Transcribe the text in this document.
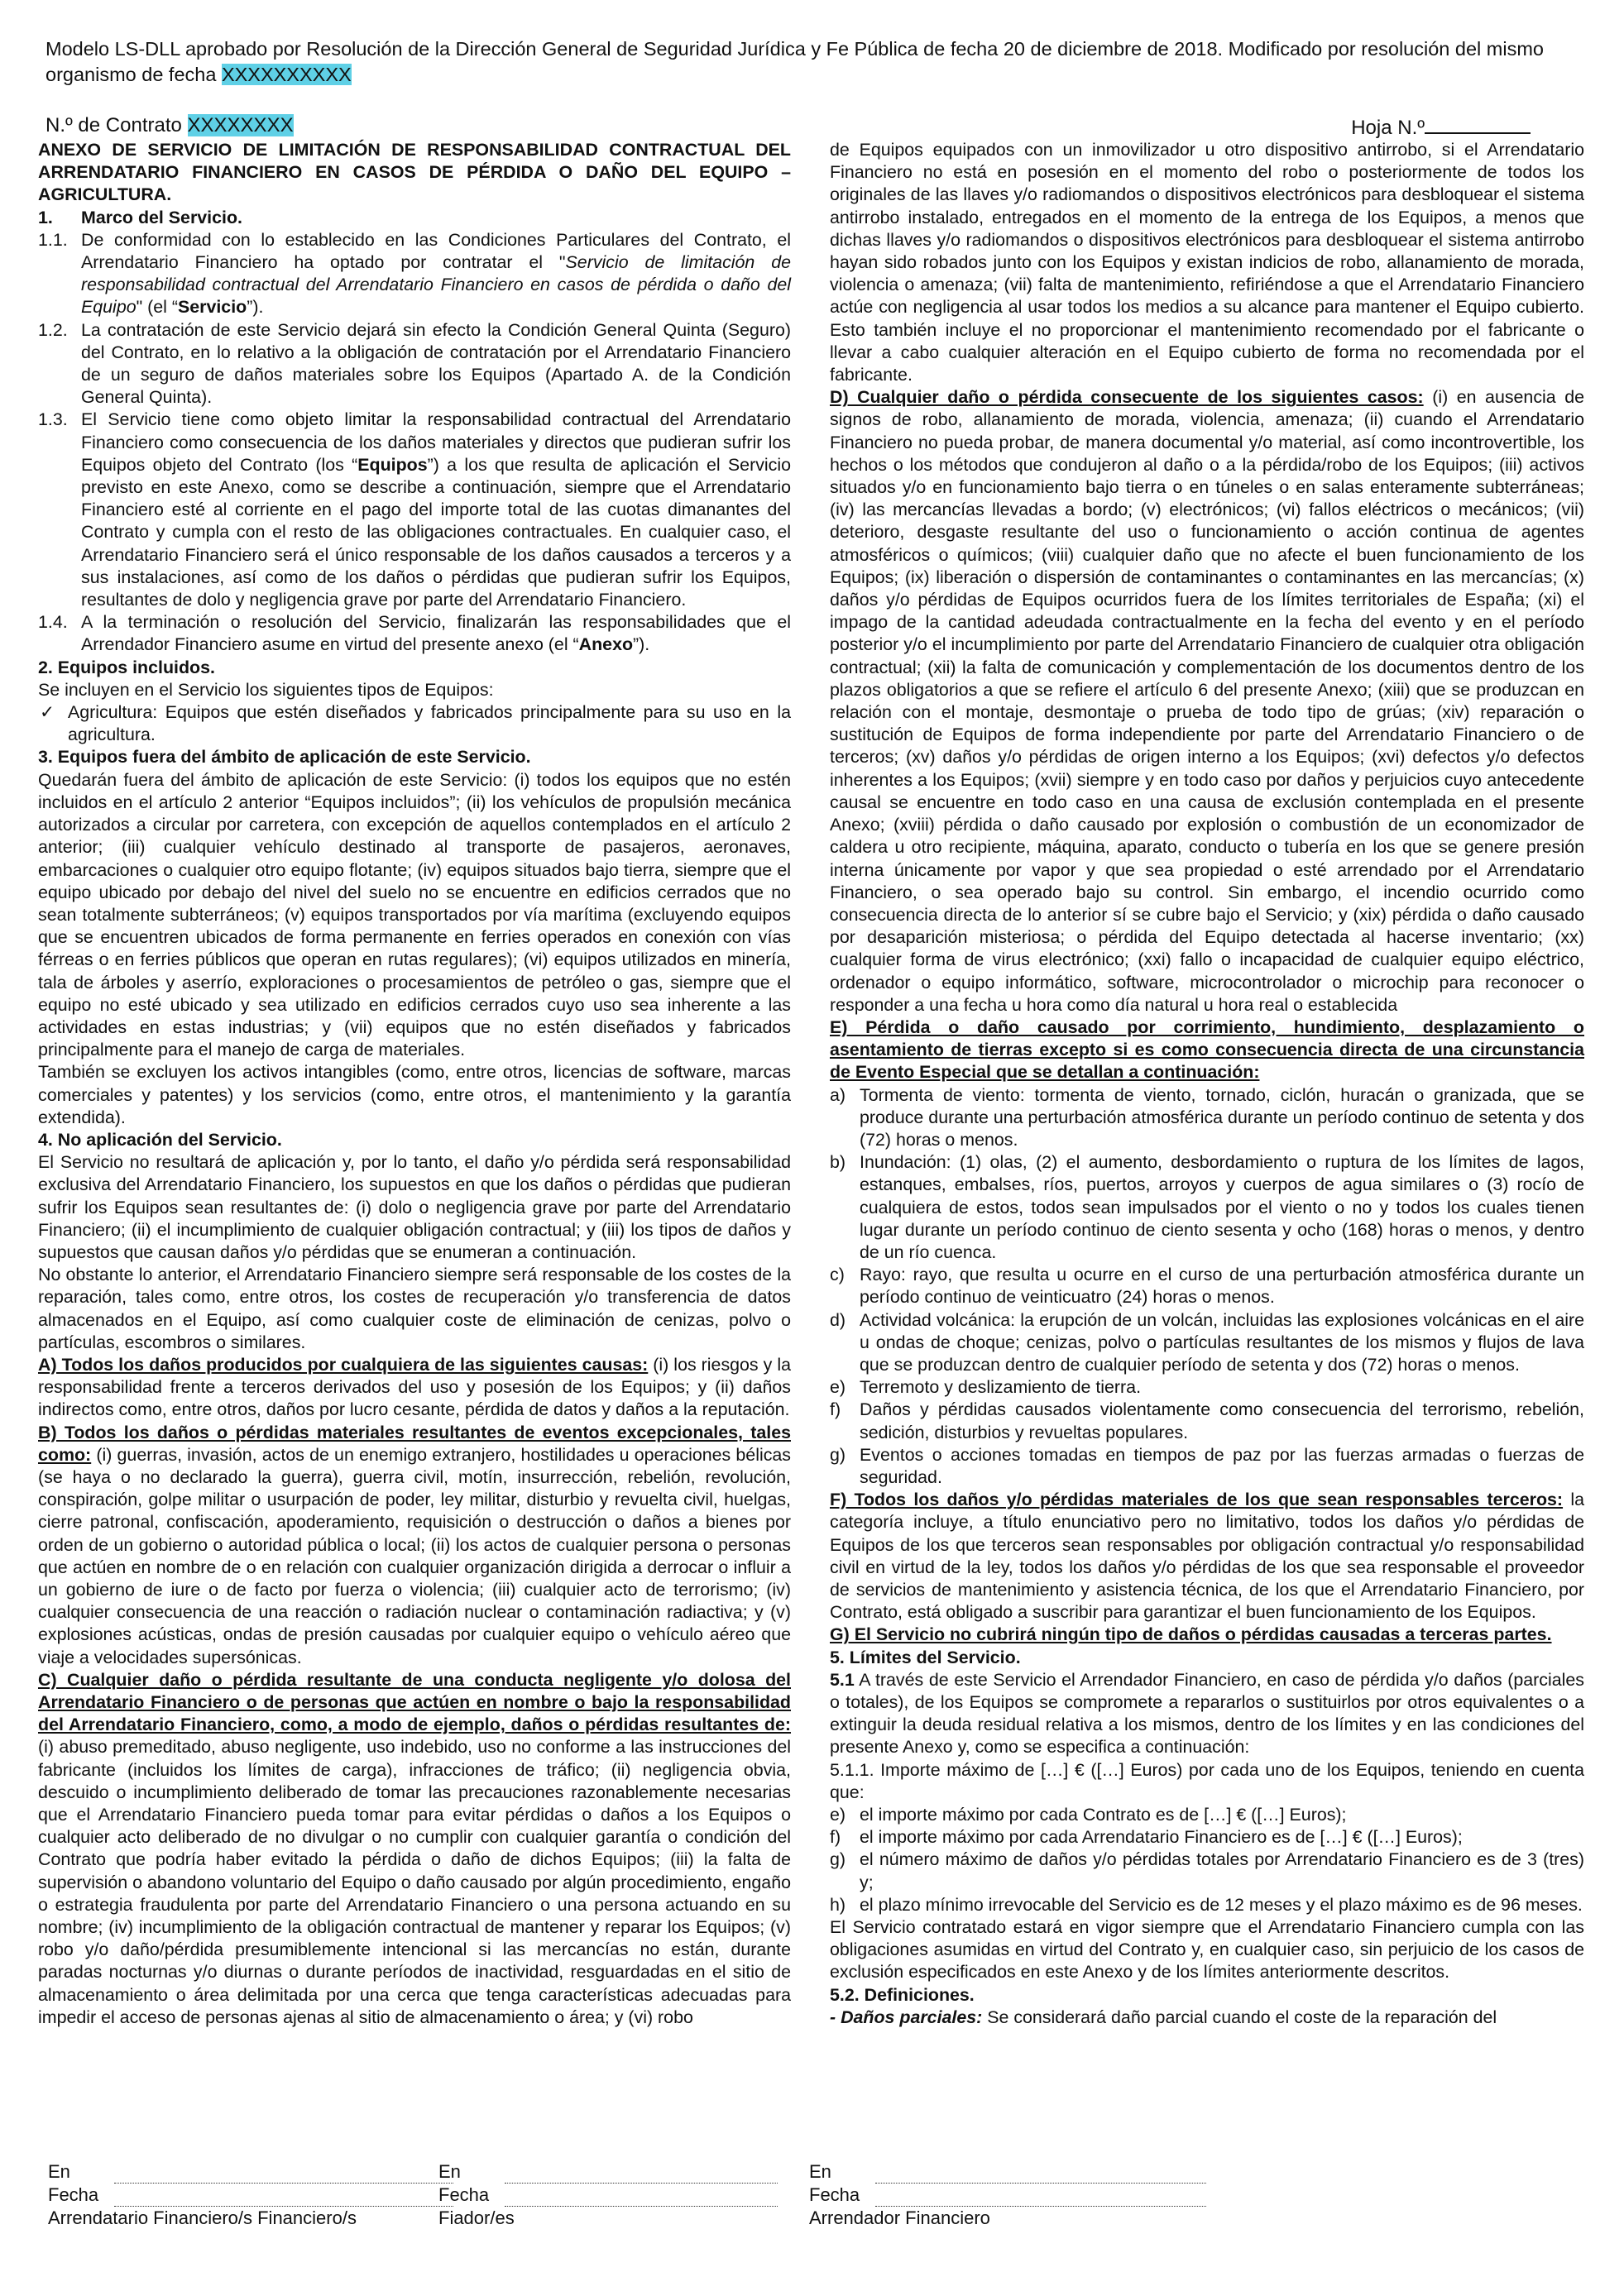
Modelo LS-DLL aprobado por Resolución de la Dirección General de Seguridad Jurídica y Fe Pública de fecha 20 de diciembre de 2018. Modificado por resolución del mismo organismo de fecha XXXXXXXXXX
N.º de Contrato XXXXXXXX	Hoja N.º

ANEXO DE SERVICIO DE LIMITACIÓN DE RESPONSABILIDAD CONTRACTUAL DEL ARRENDATARIO FINANCIERO EN CASOS DE PÉRDIDA O DAÑO DEL EQUIPO – AGRICULTURA.

1.	Marco del Servicio.
1.1. De conformidad con lo establecido en las Condiciones Particulares del Contrato, el Arrendatario Financiero ha optado por contratar el "Servicio de limitación de responsabilidad contractual del Arrendatario Financiero en casos de pérdida o daño del Equipo" (el “Servicio”).
1.2. La contratación de este Servicio dejará sin efecto la Condición General Quinta (Seguro) del Contrato, en lo relativo a la obligación de contratación por el Arrendatario Financiero de un seguro de daños materiales sobre los Equipos (Apartado A. de la Condición General Quinta).
1.3. El Servicio tiene como objeto limitar la responsabilidad contractual del Arrendatario Financiero como consecuencia de los daños materiales y directos que pudieran sufrir los Equipos objeto del Contrato (los “Equipos”) a los que resulta de aplicación el Servicio previsto en este Anexo, como se describe a continuación, siempre que el Arrendatario Financiero esté al corriente en el pago del importe total de las cuotas dimanantes del Contrato y cumpla con el resto de las obligaciones contractuales. En cualquier caso, el Arrendatario Financiero será el único responsable de los daños causados a terceros y a sus instalaciones, así como de los daños o pérdidas que pudieran sufrir los Equipos, resultantes de dolo y negligencia grave por parte del Arrendatario Financiero.
1.4. A la terminación o resolución del Servicio, finalizarán las responsabilidades que el Arrendador Financiero asume en virtud del presente anexo (el “Anexo”).

2. Equipos incluidos.

Se incluyen en el Servicio los siguientes tipos de Equipos:

✓ Agricultura: Equipos que estén diseñados y fabricados principalmente para su uso en la agricultura.

3. Equipos fuera del ámbito de aplicación de este Servicio.

Quedarán fuera del ámbito de aplicación de este Servicio: (i) todos los equipos que no estén incluidos en el artículo 2 anterior “Equipos incluidos”; (ii) los vehículos de propulsión mecánica autorizados a circular por carretera, con excepción de aquellos contemplados en el artículo 2 anterior; (iii) cualquier vehículo destinado al transporte de pasajeros, aeronaves, embarcaciones o cualquier otro equipo flotante; (iv) equipos situados bajo tierra, siempre que el equipo ubicado por debajo del nivel del suelo no se encuentre en edificios cerrados que no sean totalmente subterráneos; (v) equipos transportados por vía marítima (excluyendo equipos que se encuentren ubicados de forma permanente en ferries operados en conexión con vías férreas o en ferries públicos que operan en rutas regulares); (vi) equipos utilizados en minería, tala de árboles y aserrío, exploraciones o procesamientos de petróleo o gas, siempre que el equipo no esté ubicado y sea utilizado en edificios cerrados cuyo uso sea inherente a las actividades en estas industrias; y (vii) equipos que no estén diseñados y fabricados principalmente para el manejo de carga de materiales.

También se excluyen los activos intangibles (como, entre otros, licencias de software, marcas comerciales y patentes) y los servicios (como, entre otros, el mantenimiento y la garantía extendida).

4. No aplicación del Servicio.

El Servicio no resultará de aplicación y, por lo tanto, el daño y/o pérdida será responsabilidad exclusiva del Arrendatario Financiero, los supuestos en que los daños o pérdidas que pudieran sufrir los Equipos sean resultantes de: (i) dolo o negligencia grave por parte del Arrendatario Financiero; (ii) el incumplimiento de cualquier obligación contractual; y (iii) los tipos de daños y supuestos que causan daños y/o pérdidas que se enumeran a continuación.

No obstante lo anterior, el Arrendatario Financiero siempre será responsable de los costes de la reparación, tales como, entre otros, los costes de recuperación y/o transferencia de datos almacenados en el Equipo, así como cualquier coste de eliminación de cenizas, polvo o partículas, escombros o similares.

A) Todos los daños producidos por cualquiera de las siguientes causas: (i) los riesgos y la responsabilidad frente a terceros derivados del uso y posesión de los Equipos; y (ii) daños indirectos como, entre otros, daños por lucro cesante, pérdida de datos y daños a la reputación.

B) Todos los daños o pérdidas materiales resultantes de eventos excepcionales, tales como: (i) guerras, invasión, actos de un enemigo extranjero, hostilidades u operaciones bélicas (se haya o no declarado la guerra), guerra civil, motín, insurrección, rebelión, revolución, conspiración, golpe militar o usurpación de poder, ley militar, disturbio y revuelta civil, huelgas, cierre patronal, confiscación, apoderamiento, requisición o destrucción o daños a bienes por orden de un gobierno o autoridad pública o local; (ii) los actos de cualquier persona o personas que actúen en nombre de o en relación con cualquier organización dirigida a derrocar o influir a un gobierno de iure o de facto por fuerza o violencia; (iii) cualquier acto de terrorismo; (iv) cualquier consecuencia de una reacción o radiación nuclear o contaminación radiactiva; y (v) explosiones acústicas, ondas de presión causadas por cualquier equipo o vehículo aéreo que viaje a velocidades supersónicas.

C) Cualquier daño o pérdida resultante de una conducta negligente y/o dolosa del Arrendatario Financiero o de personas que actúen en nombre o bajo la responsabilidad del Arrendatario Financiero, como, a modo de ejemplo, daños o pérdidas resultantes de: (i) abuso premeditado, abuso negligente, uso indebido, uso no conforme a las instrucciones del fabricante (incluidos los límites de carga), infracciones de tráfico; (ii) negligencia obvia, descuido o incumplimiento deliberado de tomar las precauciones razonablemente necesarias que el Arrendatario Financiero pueda tomar para evitar pérdidas o daños a los Equipos o cualquier acto deliberado de no divulgar o no cumplir con cualquier garantía o condición del Contrato que podría haber evitado la pérdida o daño de dichos Equipos; (iii) la falta de supervisión o abandono voluntario del Equipo o daño causado por algún procedimiento, engaño o estrategia fraudulenta por parte del Arrendatario Financiero o una persona actuando en su nombre; (iv) incumplimiento de la obligación contractual de mantener y reparar los Equipos; (v) robo y/o daño/pérdida presumiblemente intencional si las mercancías no están, durante paradas nocturnas y/o diurnas o durante períodos de inactividad, resguardadas en el sitio de almacenamiento o área delimitada por una cerca que tenga características adecuadas para impedir el acceso de personas ajenas al sitio de almacenamiento o área; y (vi) robo

de Equipos equipados con un inmovilizador u otro dispositivo antirrobo, si el Arrendatario Financiero no está en posesión en el momento del robo o posteriormente de todos los originales de las llaves y/o radiomandos o dispositivos electrónicos para desbloquear el sistema antirrobo instalado, entregados en el momento de la entrega de los Equipos, a menos que dichas llaves y/o radiomandos o dispositivos electrónicos para desbloquear el sistema antirrobo hayan sido robados junto con los Equipos y existan indicios de robo, allanamiento de morada, violencia o amenaza; (vii) falta de mantenimiento, refiriéndose a que el Arrendatario Financiero actúe con negligencia al usar todos los medios a su alcance para mantener el Equipo cubierto. Esto también incluye el no proporcionar el mantenimiento recomendado por el fabricante o llevar a cabo cualquier alteración en el Equipo cubierto de forma no recomendada por el fabricante.

D) Cualquier daño o pérdida consecuente de los siguientes casos: (i) en ausencia de signos de robo, allanamiento de morada, violencia, amenaza; (ii) cuando el Arrendatario Financiero no pueda probar, de manera documental y/o material, así como incontrovertible, los hechos o los métodos que condujeron al daño o a la pérdida/robo de los Equipos; (iii) activos situados y/o en funcionamiento bajo tierra o en túneles o en salas enteramente subterráneas; (iv) las mercancías llevadas a bordo; (v) electrónicos; (vi) fallos eléctricos o mecánicos; (vii) deterioro, desgaste resultante del uso o funcionamiento o acción continua de agentes atmosféricos o químicos; (viii) cualquier daño que no afecte el buen funcionamiento de los Equipos; (ix) liberación o dispersión de contaminantes o contaminantes en las mercancías; (x) daños y/o pérdidas de Equipos ocurridos fuera de los límites territoriales de España; (xi) el impago de la cantidad adeudada contractualmente en la fecha del evento y en el período posterior y/o el incumplimiento por parte del Arrendatario Financiero de cualquier otra obligación contractual; (xii) la falta de comunicación y complementación de los documentos dentro de los plazos obligatorios a que se refiere el artículo 6 del presente Anexo; (xiii) que se produzcan en relación con el montaje, desmontaje o prueba de todo tipo de grúas; (xiv) reparación o sustitución de Equipos de forma independiente por parte del Arrendatario Financiero o de terceros; (xv) daños y/o pérdidas de origen interno a los Equipos; (xvi) defectos y/o defectos inherentes a los Equipos; (xvii) siempre y en todo caso por daños y perjuicios cuyo antecedente causal se encuentre en todo caso en una causa de exclusión contemplada en el presente Anexo; (xviii) pérdida o daño causado por explosión o combustión de un economizador de caldera u otro recipiente, máquina, aparato, conducto o tubería en los que se genere presión interna únicamente por vapor y que sea propiedad o esté arrendado por el Arrendatario Financiero, o sea operado bajo su control. Sin embargo, el incendio ocurrido como consecuencia directa de lo anterior sí se cubre bajo el Servicio; y (xix) pérdida o daño causado por desaparición misteriosa; o pérdida del Equipo detectada al hacerse inventario; (xx) cualquier forma de virus electrónico; (xxi) fallo o incapacidad de cualquier equipo eléctrico, ordenador o equipo informático, software, microcontrolador o microchip para reconocer o responder a una fecha u hora como día natural u hora real o establecida

E) Pérdida o daño causado por corrimiento, hundimiento, desplazamiento o asentamiento de tierras excepto si es como consecuencia directa de una circunstancia de Evento Especial que se detallan a continuación:

a) Tormenta de viento: tormenta de viento, tornado, ciclón, huracán o granizada, que se produce durante una perturbación atmosférica durante un período continuo de setenta y dos (72) horas o menos.
b) Inundación: (1) olas, (2) el aumento, desbordamiento o ruptura de los límites de lagos, estanques, embalses, ríos, puertos, arroyos y cuerpos de agua similares o (3) rocío de cualquiera de estos, todos sean impulsados por el viento o no y todos los cuales tienen lugar durante un período continuo de ciento sesenta y ocho (168) horas o menos, y dentro de un río cuenca.
c) Rayo: rayo, que resulta u ocurre en el curso de una perturbación atmosférica durante un período continuo de veinticuatro (24) horas o menos.
d) Actividad volcánica: la erupción de un volcán, incluidas las explosiones volcánicas en el aire u ondas de choque; cenizas, polvo o partículas resultantes de los mismos y flujos de lava que se produzcan dentro de cualquier período de setenta y dos (72) horas o menos.
e) Terremoto y deslizamiento de tierra.
f)	Daños y pérdidas causados violentamente como consecuencia del terrorismo, rebelión, sedición, disturbios y revueltas populares.
g) Eventos o acciones tomadas en tiempos de paz por las fuerzas armadas o fuerzas de seguridad.

F) Todos los daños y/o pérdidas materiales de los que sean responsables terceros: la categoría incluye, a título enunciativo pero no limitativo, todos los daños y/o pérdidas de Equipos de los que terceros sean responsables por obligación contractual y/o responsabilidad civil en virtud de la ley, todos los daños y/o pérdidas de los que sea responsable el proveedor de servicios de mantenimiento y asistencia técnica, de los que el Arrendatario Financiero, por Contrato, está obligado a suscribir para garantizar el buen funcionamiento de los Equipos.

G) El Servicio no cubrirá ningún tipo de daños o pérdidas causadas a terceras partes.

5. Límites del Servicio.

5.1 A través de este Servicio el Arrendador Financiero, en caso de pérdida y/o daños (parciales o totales), de los Equipos se compromete a repararlos o sustituirlos por otros equivalentes o a extinguir la deuda residual relativa a los mismos, dentro de los límites y en las condiciones del presente Anexo y, como se especifica a continuación:

5.1.1. Importe máximo de […] € ([…] Euros) por cada uno de los Equipos, teniendo en cuenta que:

e) el importe máximo por cada Contrato es de […] € ([…] Euros);
f)	el importe máximo por cada Arrendatario Financiero es de […] € ([…] Euros);
g) el número máximo de daños y/o pérdidas totales por Arrendatario Financiero es de 3 (tres) y;
h) el plazo mínimo irrevocable del Servicio es de 12 meses y el plazo máximo es de 96 meses.

El Servicio contratado estará en vigor siempre que el Arrendatario Financiero cumpla con las obligaciones asumidas en virtud del Contrato y, en cualquier caso, sin perjuicio de los casos de exclusión especificados en este Anexo y de los límites anteriormente descritos.

5.2. Definiciones.

- Daños parciales: Se considerará daño parcial cuando el coste de la reparación del

En
Fecha
Arrendatario Financiero/s Financiero/s
En
Fecha
Fiador/es
En
Fecha
Arrendador Financiero
